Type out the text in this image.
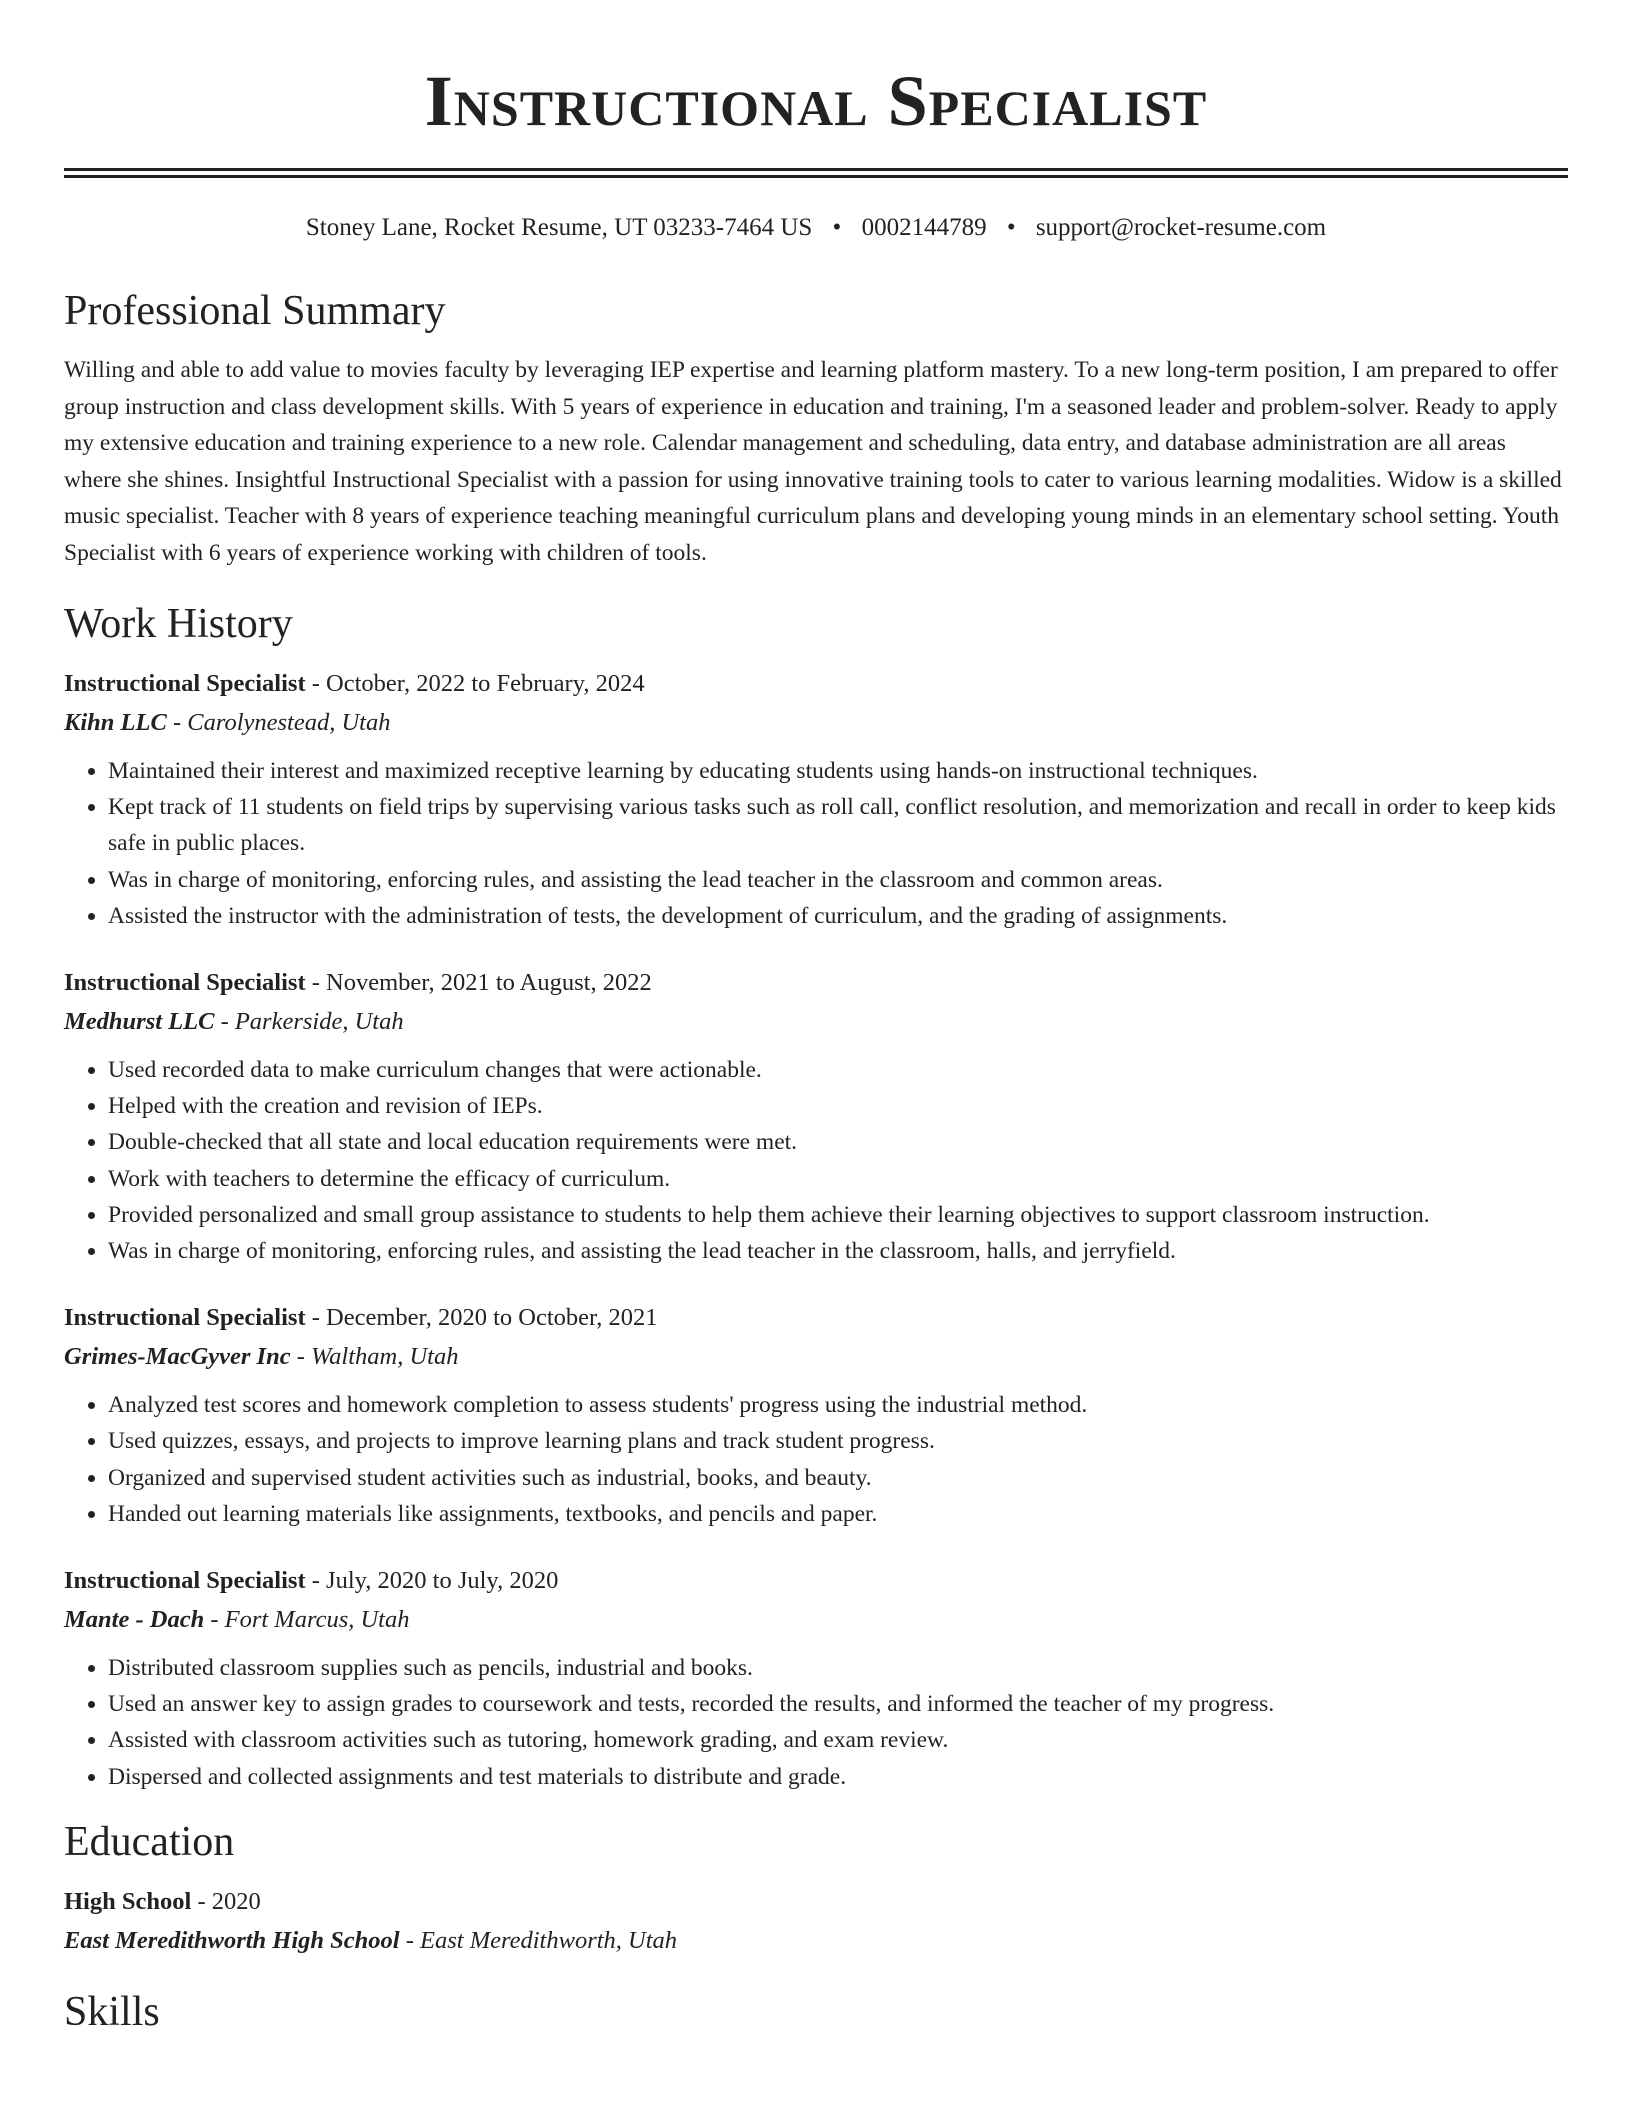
Instructional Specialist
Stoney Lane, Rocket Resume, UT 03233-7464 US • 0002144789 • support@rocket-resume.com
Professional Summary
Willing and able to add value to movies faculty by leveraging IEP expertise and learning platform mastery. To a new long-term position, I am prepared to offer group instruction and class development skills. With 5 years of experience in education and training, I'm a seasoned leader and problem-solver. Ready to apply my extensive education and training experience to a new role. Calendar management and scheduling, data entry, and database administration are all areas where she shines. Insightful Instructional Specialist with a passion for using innovative training tools to cater to various learning modalities. Widow is a skilled music specialist. Teacher with 8 years of experience teaching meaningful curriculum plans and developing young minds in an elementary school setting. Youth Specialist with 6 years of experience working with children of tools.
Work History
Instructional Specialist - October, 2022 to February, 2024
Kihn LLC - Carolynestead, Utah
• Maintained their interest and maximized receptive learning by educating students using hands-on instructional techniques.
• Kept track of 11 students on field trips by supervising various tasks such as roll call, conflict resolution, and memorization and recall in order to keep kids safe in public places.
• Was in charge of monitoring, enforcing rules, and assisting the lead teacher in the classroom and common areas.
• Assisted the instructor with the administration of tests, the development of curriculum, and the grading of assignments.
Instructional Specialist - November, 2021 to August, 2022
Medhurst LLC - Parkerside, Utah
• Used recorded data to make curriculum changes that were actionable.
• Helped with the creation and revision of IEPs.
• Double-checked that all state and local education requirements were met.
• Work with teachers to determine the efficacy of curriculum.
• Provided personalized and small group assistance to students to help them achieve their learning objectives to support classroom instruction.
• Was in charge of monitoring, enforcing rules, and assisting the lead teacher in the classroom, halls, and jerryfield.
Instructional Specialist - December, 2020 to October, 2021
Grimes-MacGyver Inc - Waltham, Utah
• Analyzed test scores and homework completion to assess students' progress using the industrial method.
• Used quizzes, essays, and projects to improve learning plans and track student progress.
• Organized and supervised student activities such as industrial, books, and beauty.
• Handed out learning materials like assignments, textbooks, and pencils and paper.
Instructional Specialist - July, 2020 to July, 2020
Mante - Dach - Fort Marcus, Utah
• Distributed classroom supplies such as pencils, industrial and books.
• Used an answer key to assign grades to coursework and tests, recorded the results, and informed the teacher of my progress.
• Assisted with classroom activities such as tutoring, homework grading, and exam review.
• Dispersed and collected assignments and test materials to distribute and grade.
Education
High School - 2020
East Meredithworth High School - East Meredithworth, Utah
Skills
